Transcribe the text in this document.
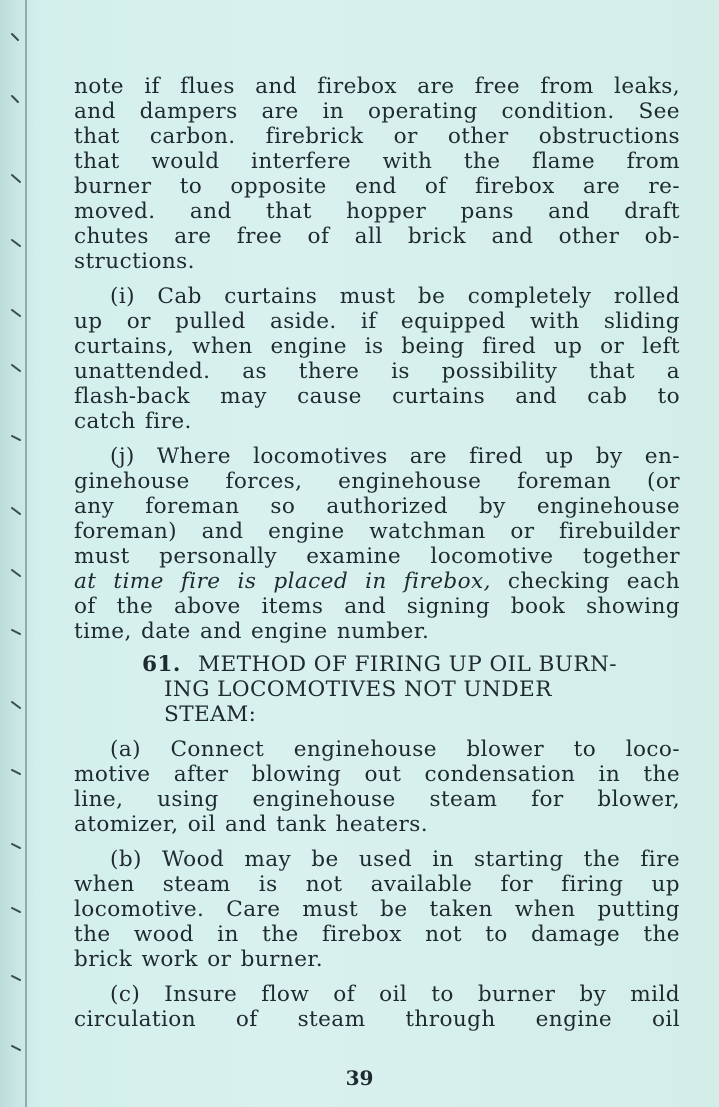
note if flues and firebox are free from leaks,
and dampers are in operating condition. See
that carbon. firebrick or other obstructions
that would interfere with the flame from
burner to opposite end of firebox are re-
moved. and that hopper pans and draft
chutes are free of all brick and other ob-
structions.

(i) Cab curtains must be completely rolled
up or pulled aside. if equipped with sliding
curtains, when engine is being fired up or left
unattended. as there is possibility that a
flash-back may cause curtains and cab to
catch fire.

(j) Where locomotives are fired up by en-
ginehouse forces, enginehouse foreman (or
any foreman so authorized by enginehouse
foreman) and engine watchman or firebuilder
must personally examine locomotive together
at time fire is placed in firebox, checking each
of the above items and signing book showing
time, date and engine number.

61. METHOD OF FIRING UP OIL BURN-
ING LOCOMOTIVES NOT UNDER
STEAM:

(a) Connect enginehouse blower to loco-
motive after blowing out condensation in the
line, using enginehouse steam for blower,
atomizer, oil and tank heaters.

(b) Wood may be used in starting the fire
when steam is not available for firing up
locomotive. Care must be taken when putting
the wood in the firebox not to damage the
brick work or burner.

(c) Insure flow of oil to burner by mild
circulation of steam through engine oil

39
